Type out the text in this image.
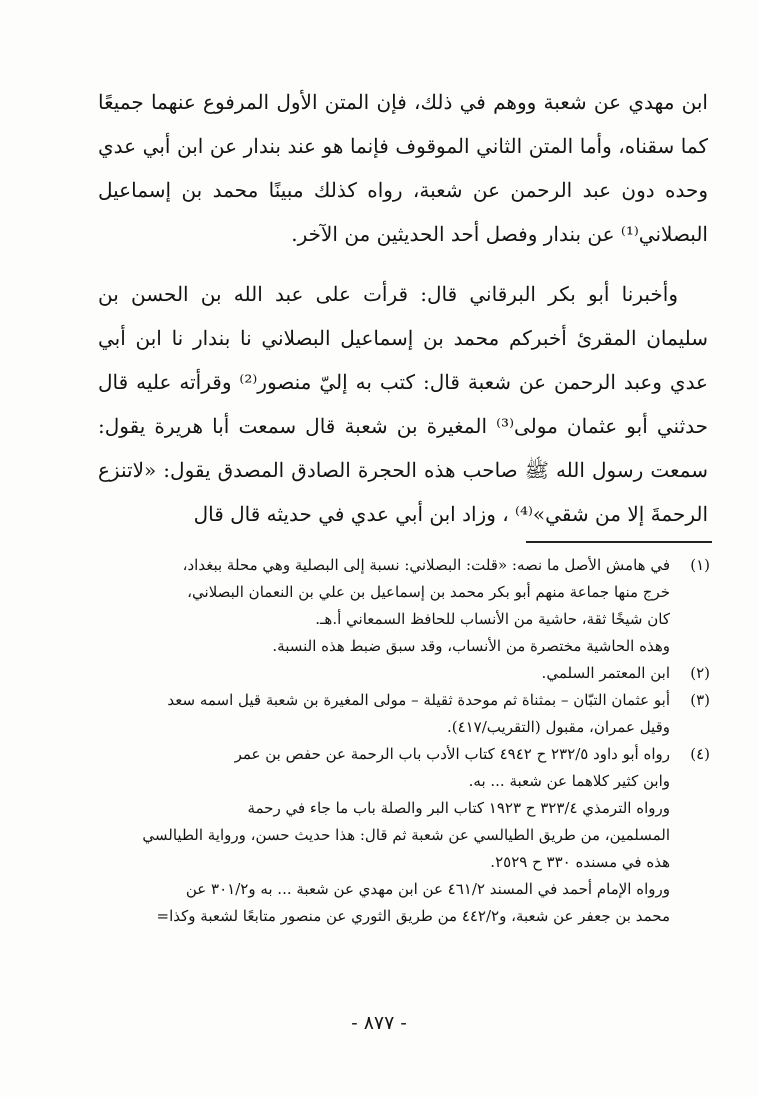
ابن مهدي عن شعبة ووهم في ذلك، فإن المتن الأول المرفوع عنهما جميعًا كما سقناه، وأما المتن الثاني الموقوف فإنما هو عند بندار عن ابن أبي عدي وحده دون عبد الرحمن عن شعبة، رواه كذلك مبينًا محمد بن إسماعيل البصلاني⁽¹⁾ عن بندار وفصل أحد الحديثين من الآخر.

وأخبرنا أبو بكر البرقاني قال: قرأت على عبد الله بن الحسن بن سليمان المقرئ أخبركم محمد بن إسماعيل البصلاني نا بندار نا ابن أبي عدي وعبد الرحمن عن شعبة قال: كتب به إليّ منصور⁽²⁾ وقرأته عليه قال حدثني أبو عثمان مولى⁽³⁾ المغيرة بن شعبة قال سمعت أبا هريرة يقول: سمعت رسول الله ﷺ صاحب هذه الحجرة الصادق المصدق يقول: «لاتنزع الرحمةَ إلا من شقي»⁽⁴⁾ ، وزاد ابن أبي عدي في حديثه قال قال

(١)
في هامش الأصل ما نصه: «قلت: البصلاني: نسبة إلى البصلية وهي محلة ببغداد،
خرج منها جماعة منهم أبو بكر محمد بن إسماعيل بن علي بن النعمان البصلاني،
كان شيخًا ثقة، حاشية من الأنساب للحافظ السمعاني أ.هـ.
وهذه الحاشية مختصرة من الأنساب، وقد سبق ضبط هذه النسبة.
(٢)
ابن المعتمر السلمي.
(٣)
أبو عثمان التبّان – بمثناة ثم موحدة ثقيلة – مولى المغيرة بن شعبة قيل اسمه سعد
وقيل عمران، مقبول (التقريب/٤١٧).
(٤)
رواه أبو داود ٢٣٢/٥ ح ٤٩٤٢ كتاب الأدب باب الرحمة عن حفص بن عمر
وابن كثير كلاهما عن شعبة ... به.
ورواه الترمذي ٣٢٣/٤ ح ١٩٢٣ كتاب البر والصلة باب ما جاء في رحمة
المسلمين، من طريق الطيالسي عن شعبة ثم قال: هذا حديث حسن، ورواية الطيالسي
هذه في مسنده ٣٣٠ ح ٢٥٢٩.
ورواه الإمام أحمد في المسند ٤٦١/٢ عن ابن مهدي عن شعبة ... به و٣٠١/٢ عن
محمد بن جعفر عن شعبة، و٤٤٢/٢ من طريق الثوري عن منصور متابعًا لشعبة وكذا=
- ٨٧٧ -
